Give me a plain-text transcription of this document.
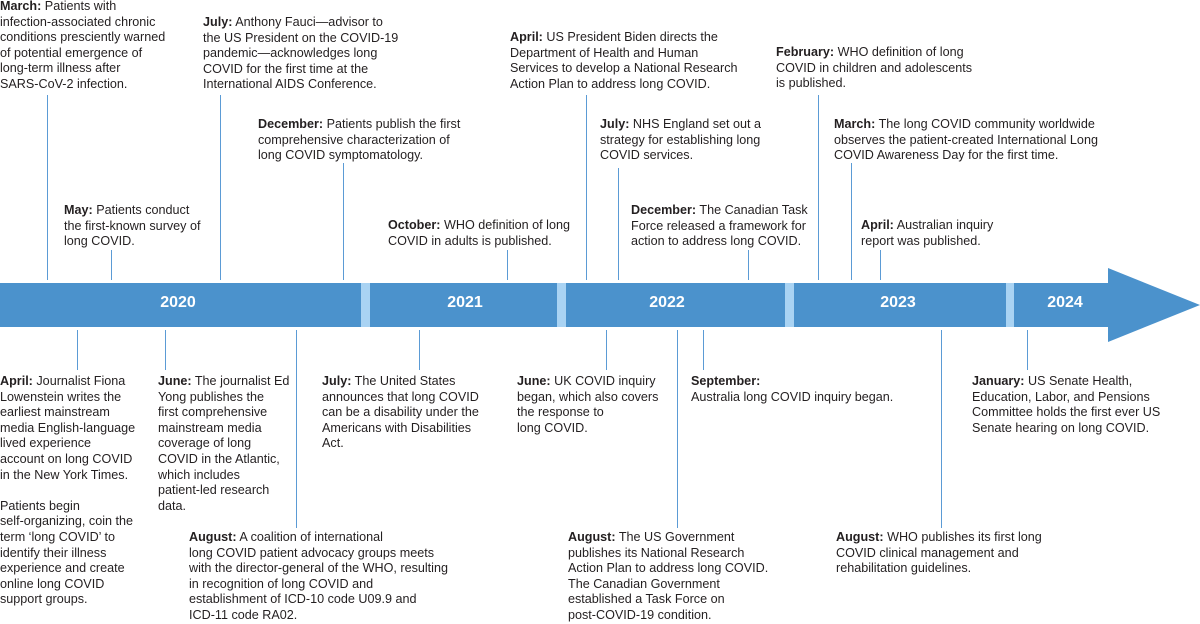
2020	2021	2022	2023	2024

March: Patients with
infection-associated chronic
conditions presciently warned
of potential emergence of
long-term illness after
SARS-CoV-2 infection.

May: Patients conduct
the first-known survey of
long COVID.

July: Anthony Fauci—advisor to
the US President on the COVID-19
pandemic—acknowledges long
COVID for the first time at the
International AIDS Conference.

December: Patients publish the first
comprehensive characterization of
long COVID symptomatology.

October: WHO definition of long
COVID in adults is published.

April: US President Biden directs the
Department of Health and Human
Services to develop a National Research
Action Plan to address long COVID.

July: NHS England set out a
strategy for establishing long
COVID services.

December: The Canadian Task
Force released a framework for
action to address long COVID.

February: WHO definition of long
COVID in children and adolescents
is published.

March: The long COVID community worldwide
observes the patient-created International Long
COVID Awareness Day for the first time.

April: Australian inquiry
report was published.

April: Journalist Fiona
Lowenstein writes the
earliest mainstream
media English-language
lived experience
account on long COVID
in the New York Times.

Patients begin
self-organizing, coin the
term ‘long COVID’ to
identify their illness
experience and create
online long COVID
support groups.

June: The journalist Ed
Yong publishes the
first comprehensive
mainstream media
coverage of long
COVID in the Atlantic,
which includes
patient-led research
data.

August: A coalition of international
long COVID patient advocacy groups meets
with the director-general of the WHO, resulting
in recognition of long COVID and
establishment of ICD-10 code U09.9 and
ICD-11 code RA02.

July: The United States
announces that long COVID
can be a disability under the
Americans with Disabilities
Act.

June: UK COVID inquiry
began, which also covers
the response to
long COVID.

August: The US Government
publishes its National Research
Action Plan to address long COVID.
The Canadian Government
established a Task Force on
post-COVID-19 condition.

September:
Australia long COVID inquiry began.

August: WHO publishes its first long
COVID clinical management and
rehabilitation guidelines.

January: US Senate Health,
Education, Labor, and Pensions
Committee holds the first ever US
Senate hearing on long COVID.
